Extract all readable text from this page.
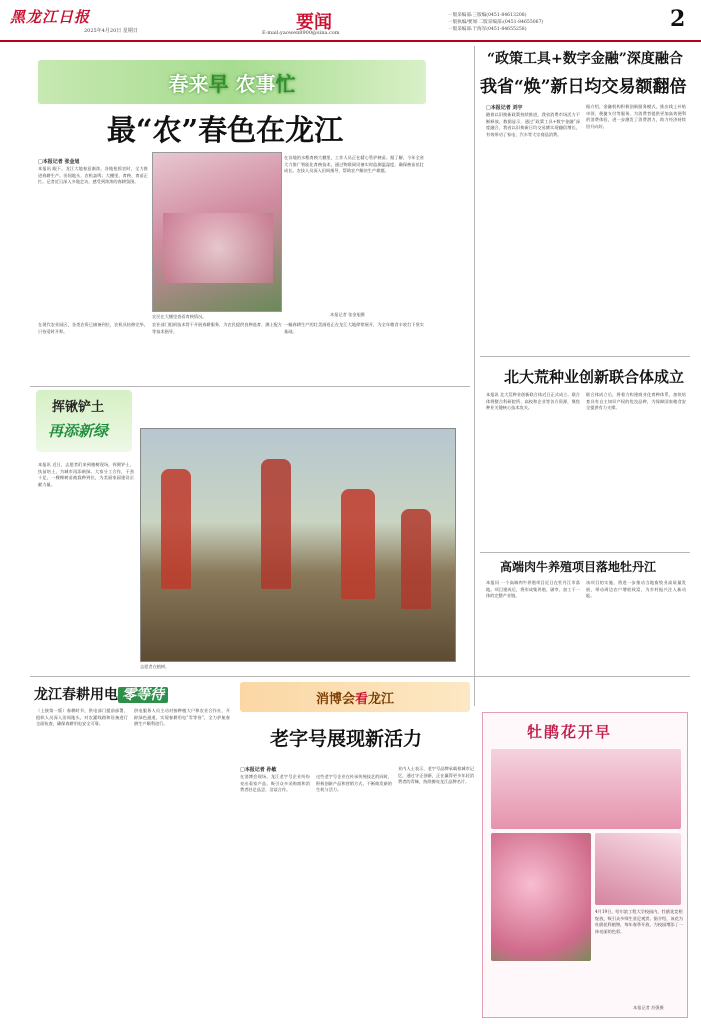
黑龙江日报
2025年4月20日 星期日	要闻
E-mail:yaowen8900@sina.com
一版采编部:三版编(0451-84613208)
一版执编/要闻·二版采编部:(0451-84655067)
一版采编部:于海军(0451-84655258)	2
春来早 农事忙
最“农”春色在龙江
□本报记者 张金旭
本报讯 眼下，龙江大地春意渐浓，各地抢抓农时，全力推进春耕生产。田间地头，农机轰鸣；大棚里，育秧、育苗正忙。记者近日深入多地走访，感受到浓浓的春耕氛围。
在各地的水稻育秧大棚里，工作人员正在精心管护秧苗。据了解，今年全省大力推广智能化育秧技术，通过物联网设备实时监测温湿度，确保秧苗茁壮成长。农技人员深入田间指导，帮助农户解决生产难题。
农民在大棚里查看育秧情况。	本报记者 张金旭摄
在现代农业园区，各类农资已储备到位，农机具检修完毕，只待适时开犁。
农业部门组织技术骨干开展春耕服务，为农民提供良种选育、测土配方等技术指导。
一幅春耕生产的壮美画卷正在龙江大地徐徐展开，为全年粮食丰收打下坚实基础。
“政策工具+数字金融”深度融合
我省“焕”新日均交易额翻倍
□本报记者 刘宇
随着以旧换新政策持续推进，我省消费市场活力不断释放。数据显示，通过“政策工具+数字金融”深度融合，我省以旧换新日均交易额实现翻倍增长，有效带动了家电、汽车等大宗商品消费。
据介绍，金融机构积极创新服务模式，推出线上补贴申领、便捷支付等服务，为消费者提供更加高效便利的消费体验，进一步激发了消费潜力，助力经济持续回升向好。
北大荒种业创新联合体成立
本报讯 北大荒种业创新联合体近日正式成立。联合体将整合科研院所、高校和企业等各方资源，聚焦种业关键核心技术攻关。
联合体成立后，将着力构建商业化育种体系，加快培育具有自主知识产权的优良品种，为保障国家粮食安全提供有力支撑。
高端肉牛养殖项目落地牡丹江
本报讯 一个高端肉牛养殖项目近日在牡丹江市落地。项目建成后，将形成集养殖、屠宰、加工于一体的完整产业链。
该项目的实施，将进一步推动当地畜牧业高质量发展，带动周边农户增收致富，为乡村振兴注入新动能。
挥锹铲土
再添新绿
本报讯 近日，志愿者们来到植树现场，挥锹铲土、扶苗培土，为城市再添新绿。大家分工合作，干劲十足，一棵棵树苗被栽种到位，为美丽家园建设贡献力量。
志愿者在植树。
龙江春耕用电 零等待
（上接第一版）春耕时节，供电部门提前部署，组织人员深入田间地头，对农灌线路和设备进行全面检查，确保春耕用电安全可靠。
供电服务人员主动对接种植大户和农业合作社，开辟绿色通道，实现春耕用电“零等待”，全力护航春耕生产顺利进行。
消博会看龙江
老字号展现新活力
□本报记者 孙敏
在消博会现场，龙江老字号企业纷纷亮出看家产品，吸引众多采购商和消费者驻足品尝、洽谈合作。
这些老字号企业在传承传统技艺的同时，积极创新产品和营销方式，不断焕发新的生机与活力。
业内人士表示，老字号品牌承载着城市记忆，通过守正创新，正在赢得更多年轻消费者的青睐，持续擦亮龙江品牌名片。
牡鹃花开早
4月19日，哈尔滨工程大学校园内，牡鹃花竞相绽放，吸引众多师生驻足观赏。据介绍，该花为杜鹃花科植物，每年春季开放，为校园增添了一抹亮丽的色彩。
本报记者 苏强摄
